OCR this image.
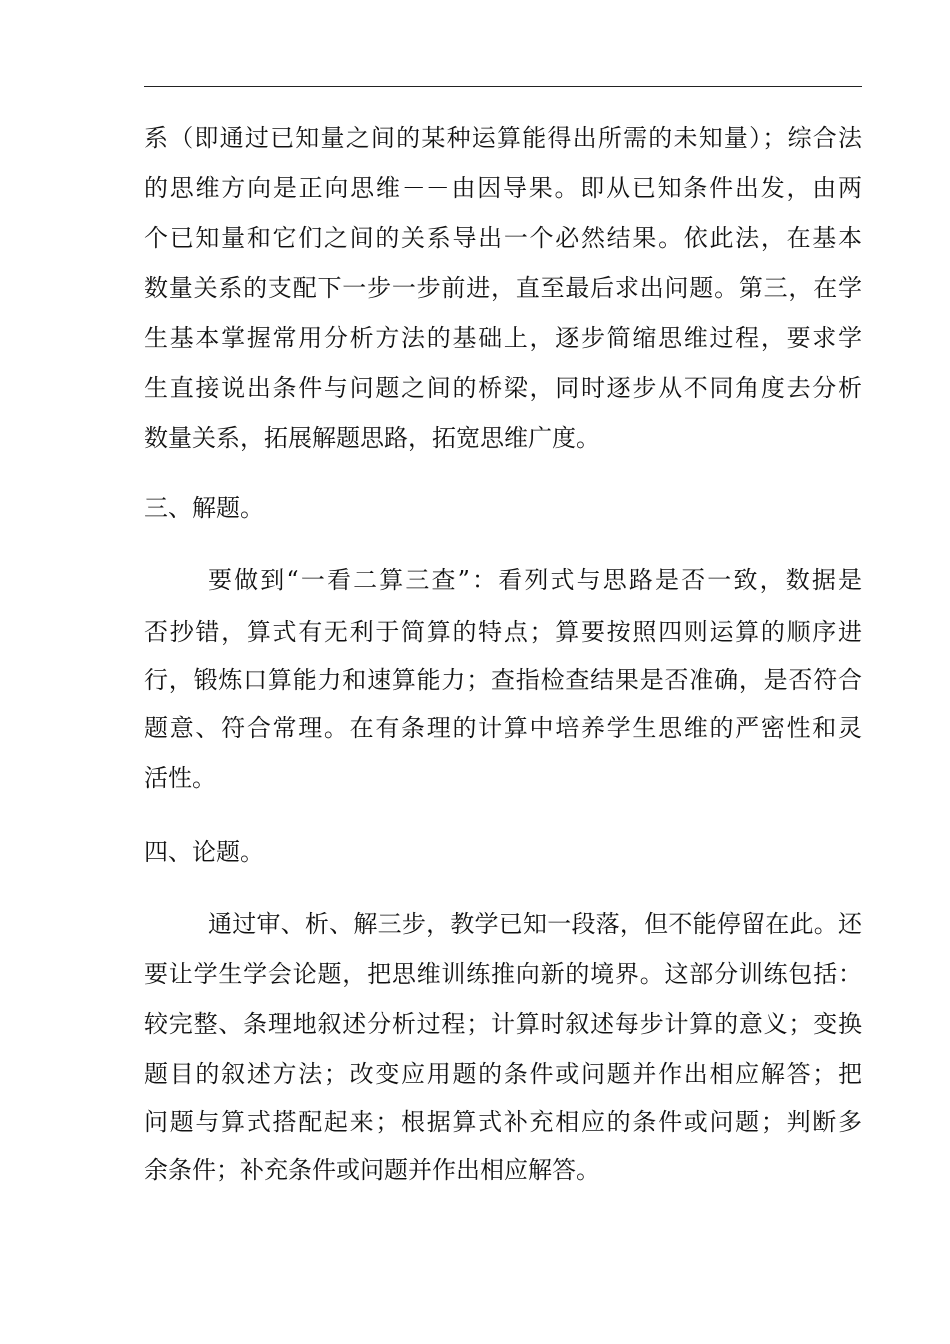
系（即通过已知量之间的某种运算能得出所需的未知量）；综合法
的思维方向是正向思维－－由因导果。即从已知条件出发，由两
个已知量和它们之间的关系导出一个必然结果。依此法，在基本
数量关系的支配下一步一步前进，直至最后求出问题。第三，在学
生基本掌握常用分析方法的基础上，逐步简缩思维过程，要求学
生直接说出条件与问题之间的桥梁，同时逐步从不同角度去分析
数量关系，拓展解题思路，拓宽思维广度。
三、解题。
要做到“一看二算三查”：看列式与思路是否一致，数据是
否抄错，算式有无利于简算的特点；算要按照四则运算的顺序进
行，锻炼口算能力和速算能力；查指检查结果是否准确，是否符合
题意、符合常理。在有条理的计算中培养学生思维的严密性和灵
活性。
四、论题。
通过审、析、解三步，教学已知一段落，但不能停留在此。还
要让学生学会论题，把思维训练推向新的境界。这部分训练包括：
较完整、条理地叙述分析过程；计算时叙述每步计算的意义；变换
题目的叙述方法；改变应用题的条件或问题并作出相应解答；把
问题与算式搭配起来；根据算式补充相应的条件或问题；判断多
余条件；补充条件或问题并作出相应解答。
